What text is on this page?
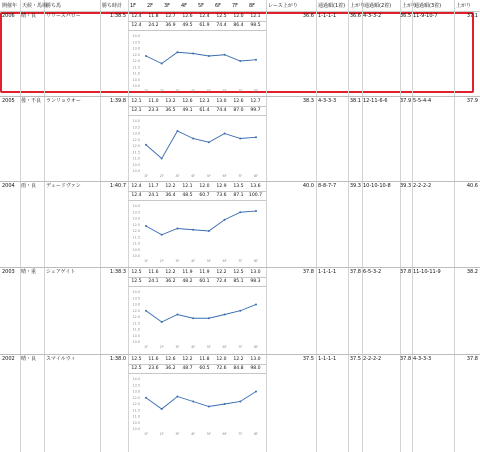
開催年 天候・馬場
勝ち馬	勝ち時計	1F	2F	3F	4F	5F	6F	7F	8F	レース上がり	通過順(1着) 上がり
通過順(2着)	上がり
通過順(3着)	上がり
2006	晴・良	リワースパロー	1:38.5	12.4	11.8	12.7	12.6	12.4	12.5	12.0	12.1
12.4	24.2	36.9	49.5	61.9	74.4	86.4	98.5
36.6 1-1-1-1	36.6 4-3-3-2	36.5 11-9-10-7	37.1
14.0
13.5
13.0
12.5
12.0
11.5
11.0
10.5
10.0
1F	2F	3F	4F	5F	6F	7F	8F
2005	曇・不良 ランリョウオー	1:39.8	12.1	11.0	13.2	12.6	12.3	13.0	12.6	12.7
12.1	23.3	36.5	49.1	61.4	74.4	87.0	99.7
38.3 4-3-3-3	38.1 12-11-6-6	37.9 5-5-4-4	37.9
14.0
13.5
13.0
12.5
12.0
11.5
11.0
10.5
10.0
1F	2F	3F	4F	5F	6F	7F	8F
2004	雨・良	デュードヴァン	1:40.7	12.4	11.7	12.2	12.1	12.0	12.9	13.5	13.6
12.4	24.1	36.4	48.5	60.7	73.6	87.1	100.7
40.0 8-8-7-7	39.3 10-10-10-8	39.3 2-2-2-2	40.6
14.0
13.5
13.0
12.5
12.0
11.5
11.0
10.5
10.0
1F	2F	3F	4F	5F	6F	7F	8F
2003	晴・重	シュアゲイト	1:38.3	12.5	11.6	12.2	11.9	11.9	12.2	12.5	13.0
12.5	24.1	36.2	48.2	60.1	72.4	85.1	98.3
37.8 1-1-1-1	37.8 6-5-3-2	37.8 11-10-11-9	38.2
14.0
13.5
13.0
12.5
12.0
11.5
11.0
10.5
10.0
1F	2F	3F	4F	5F	6F	7F	8F
2002	晴・良	スマイルウィ	1:38.0	12.5	11.6	12.6	12.2	11.8	12.0	12.2	13.0
12.5	23.6	36.2	48.7	60.5	72.6	84.8	98.0
37.5 1-1-1-1	37.5 2-2-2-2	37.8 4-3-3-3	37.8
14.0
13.5
13.0
12.5
12.0
11.5
11.0
10.5
10.0
1F	2F	3F	4F	5F	6F	7F	8F
